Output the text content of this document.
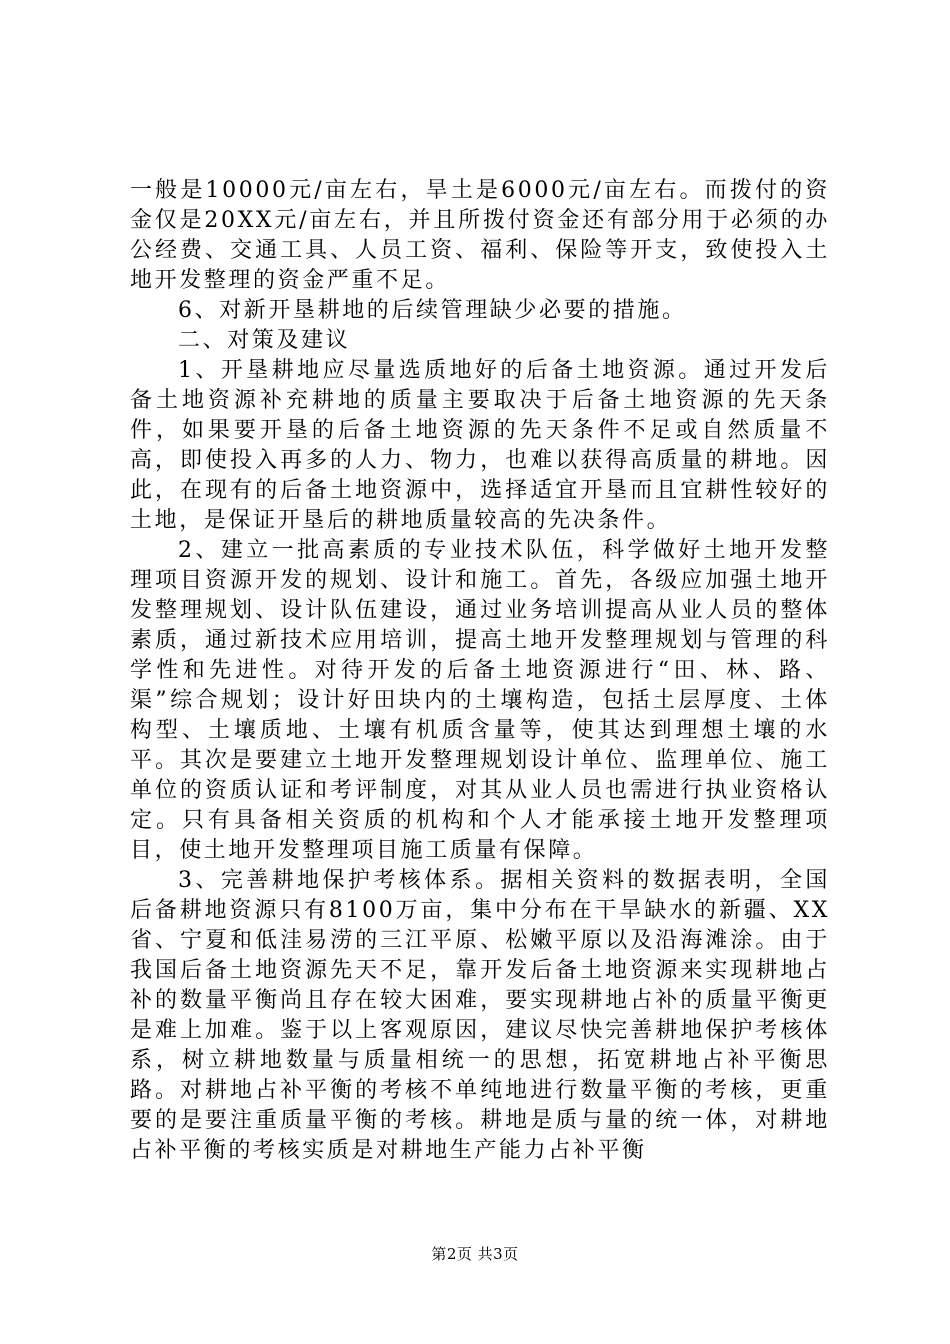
一般是10000元/亩左右，旱土是6000元/亩左右。而拨付的资金仅是20XX元/亩左右，并且所拨付资金还有部分用于必须的办公经费、交通工具、人员工资、福利、保险等开支，致使投入土地开发整理的资金严重不足。

6、对新开垦耕地的后续管理缺少必要的措施。

二、对策及建议

1、开垦耕地应尽量选质地好的后备土地资源。通过开发后备土地资源补充耕地的质量主要取决于后备土地资源的先天条件，如果要开垦的后备土地资源的先天条件不足或自然质量不高，即使投入再多的人力、物力，也难以获得高质量的耕地。因此，在现有的后备土地资源中，选择适宜开垦而且宜耕性较好的土地，是保证开垦后的耕地质量较高的先决条件。

2、建立一批高素质的专业技术队伍，科学做好土地开发整理项目资源开发的规划、设计和施工。首先，各级应加强土地开发整理规划、设计队伍建设，通过业务培训提高从业人员的整体素质，通过新技术应用培训，提高土地开发整理规划与管理的科学性和先进性。对待开发的后备土地资源进行“田、林、路、渠”综合规划；设计好田块内的土壤构造，包括土层厚度、土体构型、土壤质地、土壤有机质含量等，使其达到理想土壤的水平。其次是要建立土地开发整理规划设计单位、监理单位、施工单位的资质认证和考评制度，对其从业人员也需进行执业资格认定。只有具备相关资质的机构和个人才能承接土地开发整理项目，使土地开发整理项目施工质量有保障。

3、完善耕地保护考核体系。据相关资料的数据表明，全国后备耕地资源只有8100万亩，集中分布在干旱缺水的新疆、XX省、宁夏和低洼易涝的三江平原、松嫩平原以及沿海滩涂。由于我国后备土地资源先天不足，靠开发后备土地资源来实现耕地占补的数量平衡尚且存在较大困难，要实现耕地占补的质量平衡更是难上加难。鉴于以上客观原因，建议尽快完善耕地保护考核体系，树立耕地数量与质量相统一的思想，拓宽耕地占补平衡思路。对耕地占补平衡的考核不单纯地进行数量平衡的考核，更重要的是要注重质量平衡的考核。耕地是质与量的统一体，对耕地占补平衡的考核实质是对耕地生产能力占补平衡

第2页 共3页
